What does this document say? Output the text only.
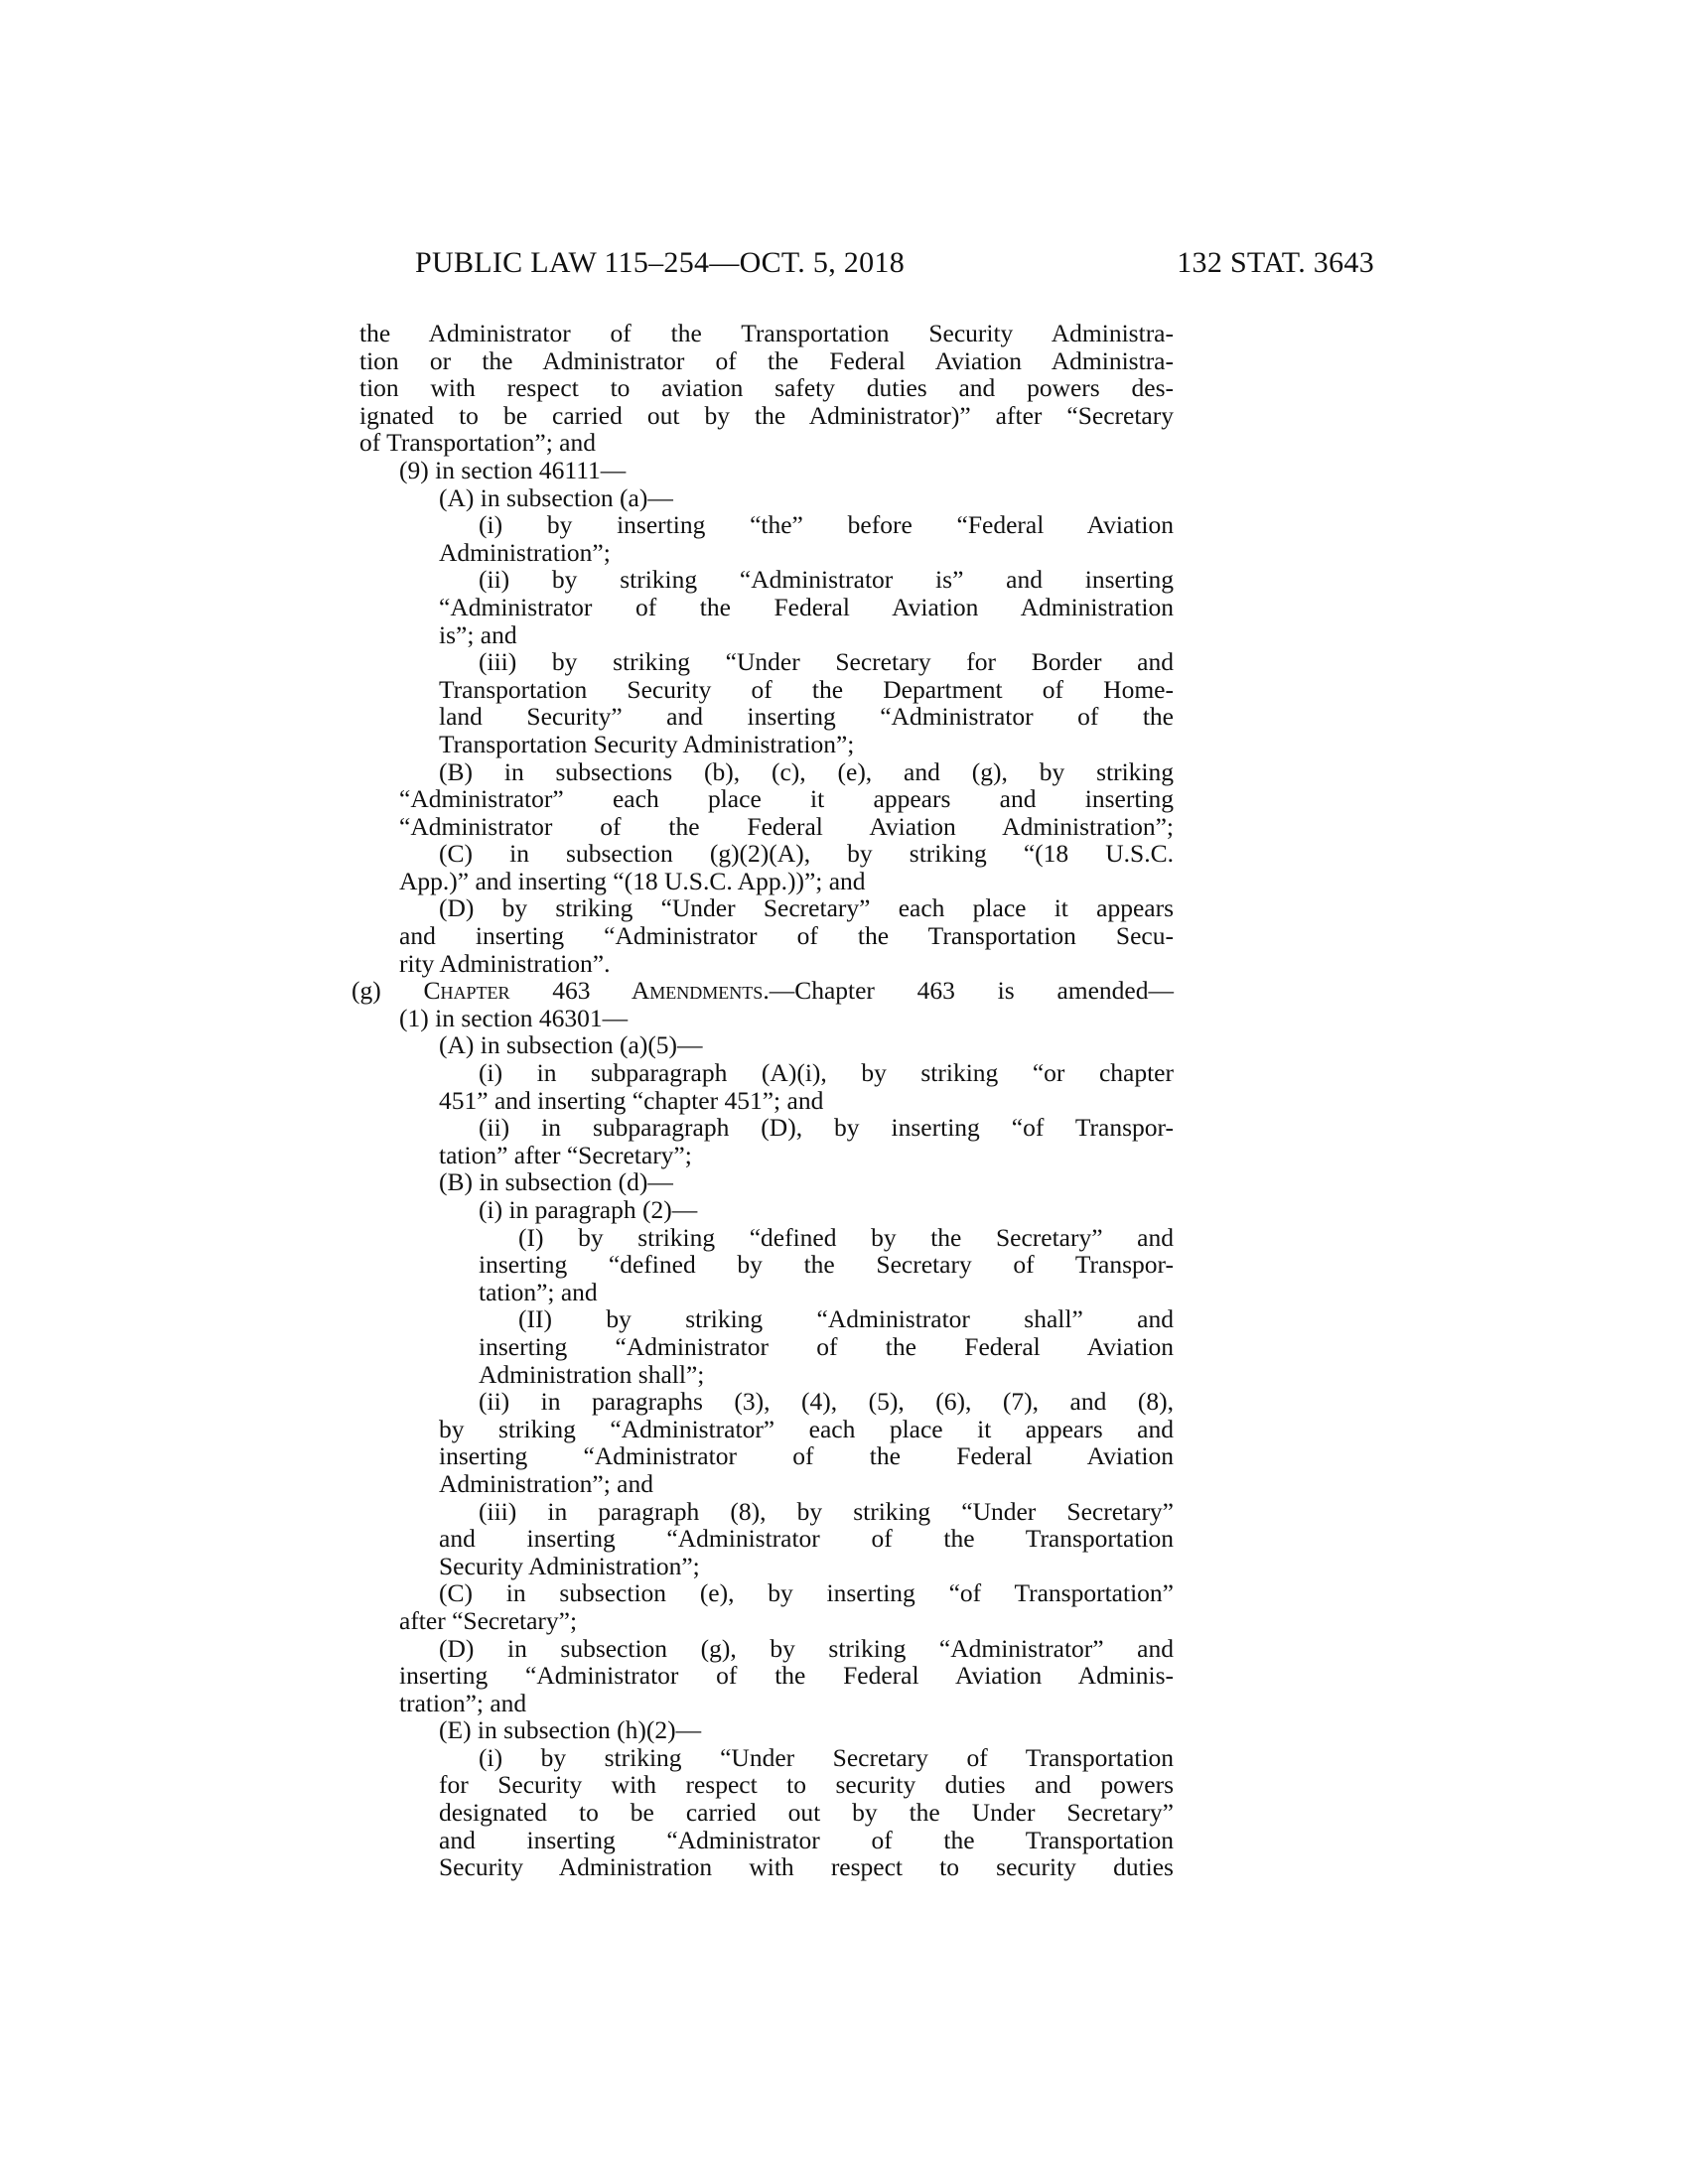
PUBLIC LAW 115–254—OCT. 5, 2018	132 STAT. 3643
the Administrator of the Transportation Security Administra-
tion or the Administrator of the Federal Aviation Administra-
tion with respect to aviation safety duties and powers des-
ignated to be carried out by the Administrator)” after “Secretary
of Transportation”; and
(9) in section 46111—
(A) in subsection (a)—
(i) by inserting “the” before “Federal Aviation
Administration”;
(ii) by striking “Administrator is” and inserting
“Administrator of the Federal Aviation Administration
is”; and
(iii) by striking “Under Secretary for Border and
Transportation Security of the Department of Home-
land Security” and inserting “Administrator of the
Transportation Security Administration”;
(B) in subsections (b), (c), (e), and (g), by striking
“Administrator” each place it appears and inserting
“Administrator of the Federal Aviation Administration”;
(C) in subsection (g)(2)(A), by striking “(18 U.S.C.
App.)” and inserting “(18 U.S.C. App.))”; and
(D) by striking “Under Secretary” each place it appears
and inserting “Administrator of the Transportation Secu-
rity Administration”.
(g) Chapter 463 Amendments.—Chapter 463 is amended—
(1) in section 46301—
(A) in subsection (a)(5)—
(i) in subparagraph (A)(i), by striking “or chapter
451” and inserting “chapter 451”; and
(ii) in subparagraph (D), by inserting “of Transpor-
tation” after “Secretary”;
(B) in subsection (d)—
(i) in paragraph (2)—
(I) by striking “defined by the Secretary” and
inserting “defined by the Secretary of Transpor-
tation”; and
(II) by striking “Administrator shall” and
inserting “Administrator of the Federal Aviation
Administration shall”;
(ii) in paragraphs (3), (4), (5), (6), (7), and (8),
by striking “Administrator” each place it appears and
inserting “Administrator of the Federal Aviation
Administration”; and
(iii) in paragraph (8), by striking “Under Secretary”
and inserting “Administrator of the Transportation
Security Administration”;
(C) in subsection (e), by inserting “of Transportation”
after “Secretary”;
(D) in subsection (g), by striking “Administrator” and
inserting “Administrator of the Federal Aviation Adminis-
tration”; and
(E) in subsection (h)(2)—
(i) by striking “Under Secretary of Transportation
for Security with respect to security duties and powers
designated to be carried out by the Under Secretary”
and inserting “Administrator of the Transportation
Security Administration with respect to security duties
